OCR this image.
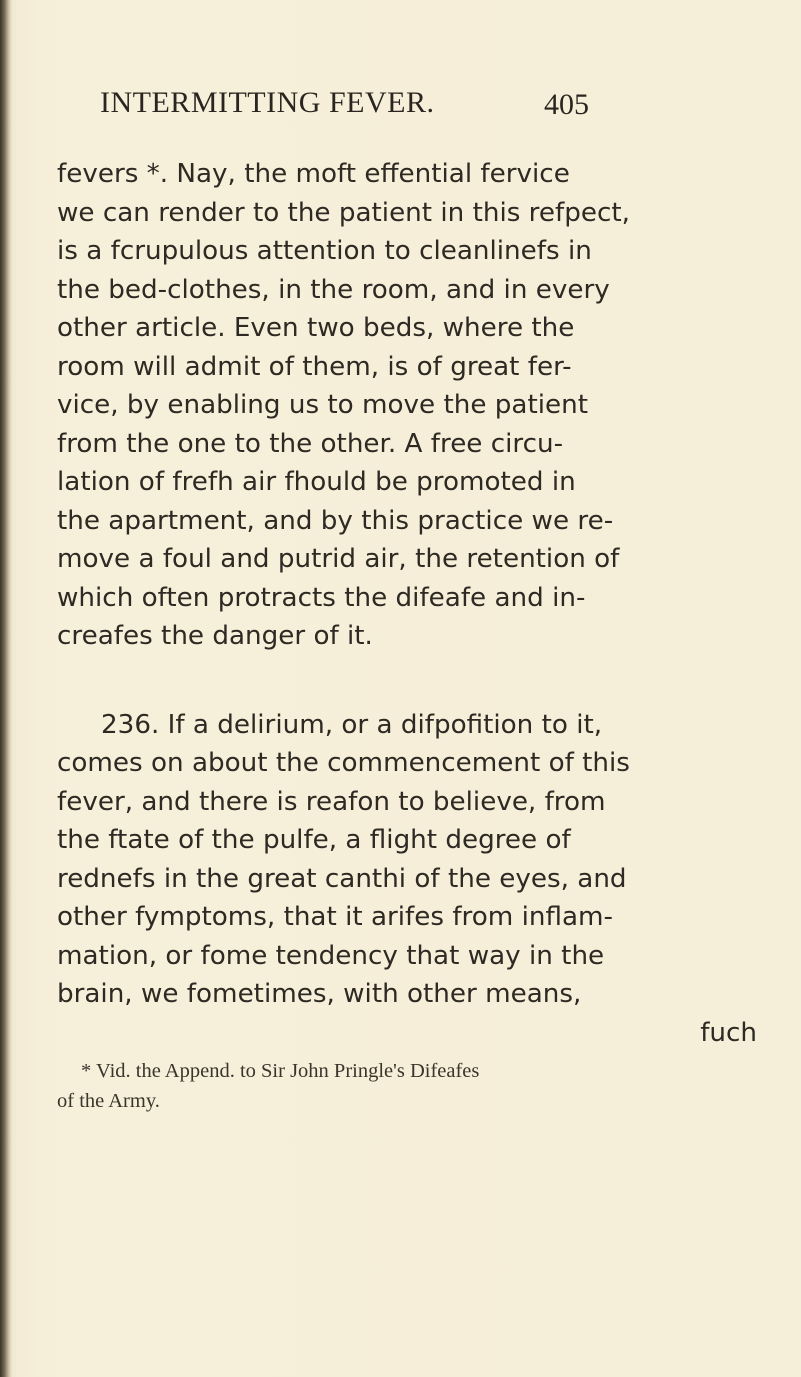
INTERMITTING FEVER.	405
fevers *. Nay, the moft effential fervice
we can render to the patient in this refpect,
is a fcrupulous attention to cleanlinefs in
the bed-clothes, in the room, and in every
other article. Even two beds, where the
room will admit of them, is of great fer-
vice, by enabling us to move the patient
from the one to the other. A free circu-
lation of frefh air fhould be promoted in
the apartment, and by this practice we re-
move a foul and putrid air, the retention of
which often protracts the difeafe and in-
creafes the danger of it.
236. If a delirium, or a difpofition to it,
comes on about the commencement of this
fever, and there is reafon to believe, from
the ftate of the pulfe, a flight degree of
rednefs in the great canthi of the eyes, and
other fymptoms, that it arifes from inflam-
mation, or fome tendency that way in the
brain, we fometimes, with other means,
fuch
* Vid. the Append. to Sir John Pringle's Difeafes
of the Army.
